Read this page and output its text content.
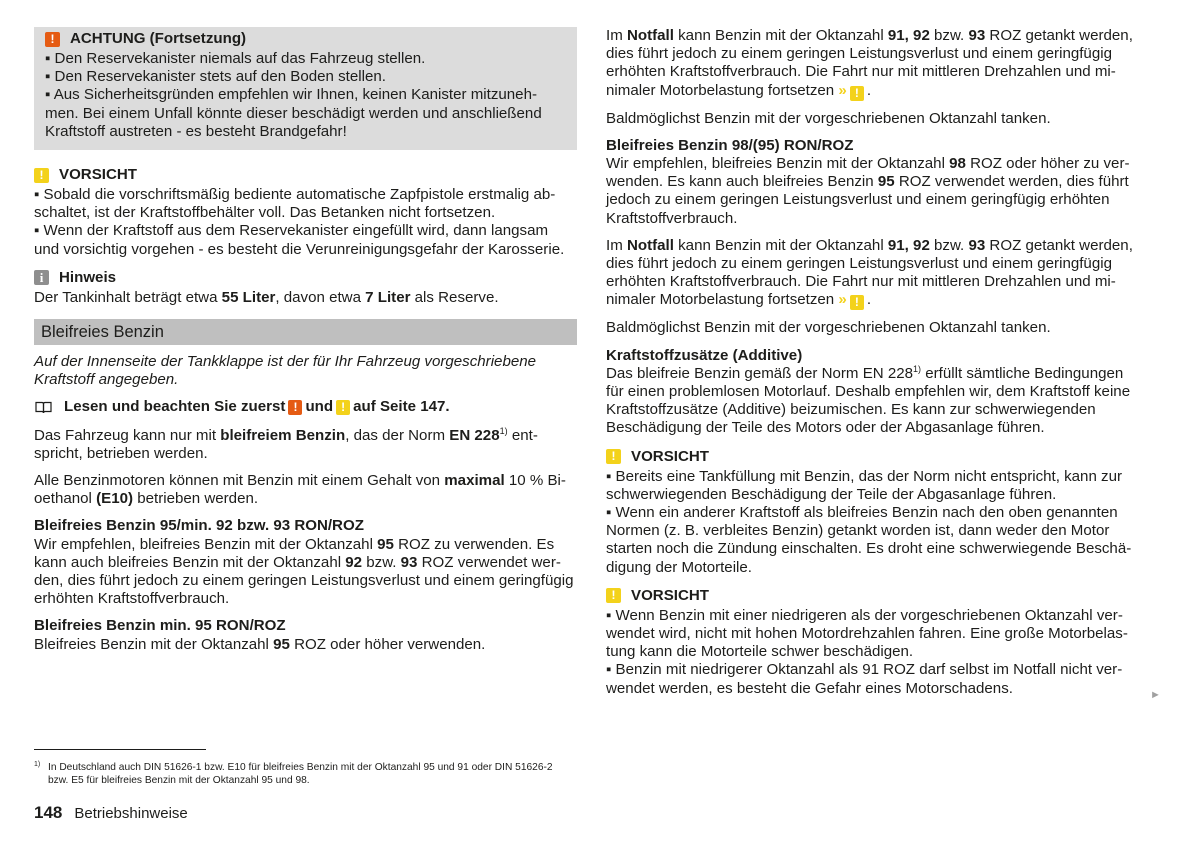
!	ACHTUNG (Fortsetzung)

▪ Den Reservekanister niemals auf das Fahrzeug stellen.

▪ Den Reservekanister stets auf den Boden stellen.

▪ Aus Sicherheitsgründen empfehlen wir Ihnen, keinen Kanister mitzunehmen. Bei einem Unfall könnte dieser beschädigt werden und anschließend Kraftstoff austreten - es besteht Brandgefahr!

!	VORSICHT

▪ Sobald die vorschriftsmäßig bediente automatische Zapfpistole erstmalig abschaltet, ist der Kraftstoffbehälter voll. Das Betanken nicht fortsetzen.

▪ Wenn der Kraftstoff aus dem Reservekanister eingefüllt wird, dann langsam und vorsichtig vorgehen - es besteht die Verunreinigungsgefahr der Karosserie.

i	Hinweis

Der Tankinhalt beträgt etwa 55 Liter, davon etwa 7 Liter als Reserve.

Bleifreies Benzin

Auf der Innenseite der Tankklappe ist der für Ihr Fahrzeug vorgeschriebene Kraftstoff angegeben.

Lesen und beachten Sie zuerst ! und ! auf Seite 147.

Das Fahrzeug kann nur mit bleifreiem Benzin, das der Norm EN 228$^{1)}$ entspricht, betrieben werden.

Alle Benzinmotoren können mit Benzin mit einem Gehalt von maximal 10 % Bioethanol (E10) betrieben werden.

Bleifreies Benzin 95/min. 92 bzw. 93 RON/ROZ

Wir empfehlen, bleifreies Benzin mit der Oktanzahl 95 ROZ zu verwenden. Es kann auch bleifreies Benzin mit der Oktanzahl 92 bzw. 93 ROZ verwendet werden, dies führt jedoch zu einem geringen Leistungsverlust und einem geringfügig erhöhten Kraftstoffverbrauch.

Bleifreies Benzin min. 95 RON/ROZ

Bleifreies Benzin mit der Oktanzahl 95 ROZ oder höher verwenden.

Im Notfall kann Benzin mit der Oktanzahl 91, 92 bzw. 93 ROZ getankt werden, dies führt jedoch zu einem geringen Leistungsverlust und einem geringfügig erhöhten Kraftstoffverbrauch. Die Fahrt nur mit mittleren Drehzahlen und minimaler Motorbelastung fortsetzen » ! .

Baldmöglichst Benzin mit der vorgeschriebenen Oktanzahl tanken.

Bleifreies Benzin 98/(95) RON/ROZ

Wir empfehlen, bleifreies Benzin mit der Oktanzahl 98 ROZ oder höher zu verwenden. Es kann auch bleifreies Benzin 95 ROZ verwendet werden, dies führt jedoch zu einem geringen Leistungsverlust und einem geringfügig erhöhten Kraftstoffverbrauch.

Im Notfall kann Benzin mit der Oktanzahl 91, 92 bzw. 93 ROZ getankt werden, dies führt jedoch zu einem geringen Leistungsverlust und einem geringfügig erhöhten Kraftstoffverbrauch. Die Fahrt nur mit mittleren Drehzahlen und minimaler Motorbelastung fortsetzen » ! .

Baldmöglichst Benzin mit der vorgeschriebenen Oktanzahl tanken.

Kraftstoffzusätze (Additive)

Das bleifreie Benzin gemäß der Norm EN 228$^{1)}$ erfüllt sämtliche Bedingungen für einen problemlosen Motorlauf. Deshalb empfehlen wir, dem Kraftstoff keine Kraftstoffzusätze (Additive) beizumischen. Es kann zur schwerwiegenden Beschädigung der Teile des Motors oder der Abgasanlage führen.

!	VORSICHT

▪ Bereits eine Tankfüllung mit Benzin, das der Norm nicht entspricht, kann zur schwerwiegenden Beschädigung der Teile der Abgasanlage führen.

▪ Wenn ein anderer Kraftstoff als bleifreies Benzin nach den oben genannten Normen (z. B. verbleites Benzin) getankt worden ist, dann weder den Motor starten noch die Zündung einschalten. Es droht eine schwerwiegende Beschädigung der Motorteile.

!	VORSICHT

▪ Wenn Benzin mit einer niedrigeren als der vorgeschriebenen Oktanzahl verwendet wird, nicht mit hohen Motordrehzahlen fahren. Eine große Motorbelastung kann die Motorteile schwer beschädigen.

▪ Benzin mit niedrigerer Oktanzahl als 91 ROZ darf selbst im Notfall nicht verwendet werden, es besteht die Gefahr eines Motorschadens.	►
1) In Deutschland auch DIN 51626-1 bzw. E10 für bleifreies Benzin mit der Oktanzahl 95 und 91 oder DIN 51626-2 bzw. E5 für bleifreies Benzin mit der Oktanzahl 95 und 98.
148 Betriebshinweise
